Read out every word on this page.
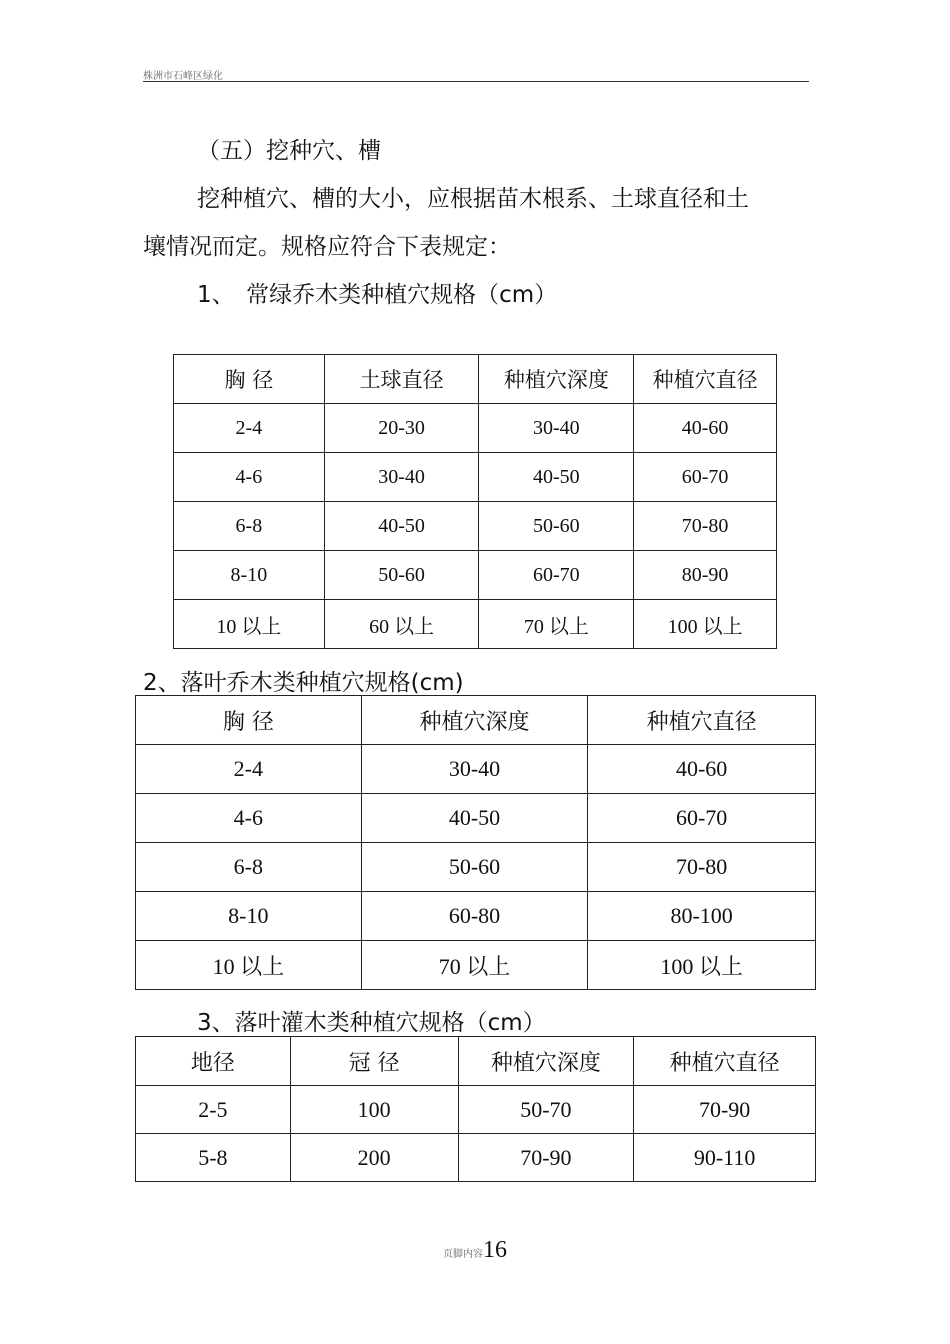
株洲市石峰区绿化
（五）挖种穴、槽
挖种植穴、槽的大小，应根据苗木根系、土球直径和土
壤情况而定。规格应符合下表规定：
1、　常绿乔木类种植穴规格（cm）
胸 径	土球直径	种植穴深度	种植穴直径
2-4	20-30	30-40	40-60
4-6	30-40	40-50	60-70
6-8	40-50	50-60	70-80
8-10	50-60	60-70	80-90
10 以上	60 以上	70 以上	100 以上
2、落叶乔木类种植穴规格(cm)
胸 径	种植穴深度	种植穴直径
2-4	30-40	40-60
4-6	40-50	60-70
6-8	50-60	70-80
8-10	60-80	80-100
10 以上	70 以上	100 以上
3、落叶灌木类种植穴规格（cm）
地径	冠 径	种植穴深度	种植穴直径
2-5	100	50-70	70-90
5-8	200	70-90	90-110
页脚内容16
